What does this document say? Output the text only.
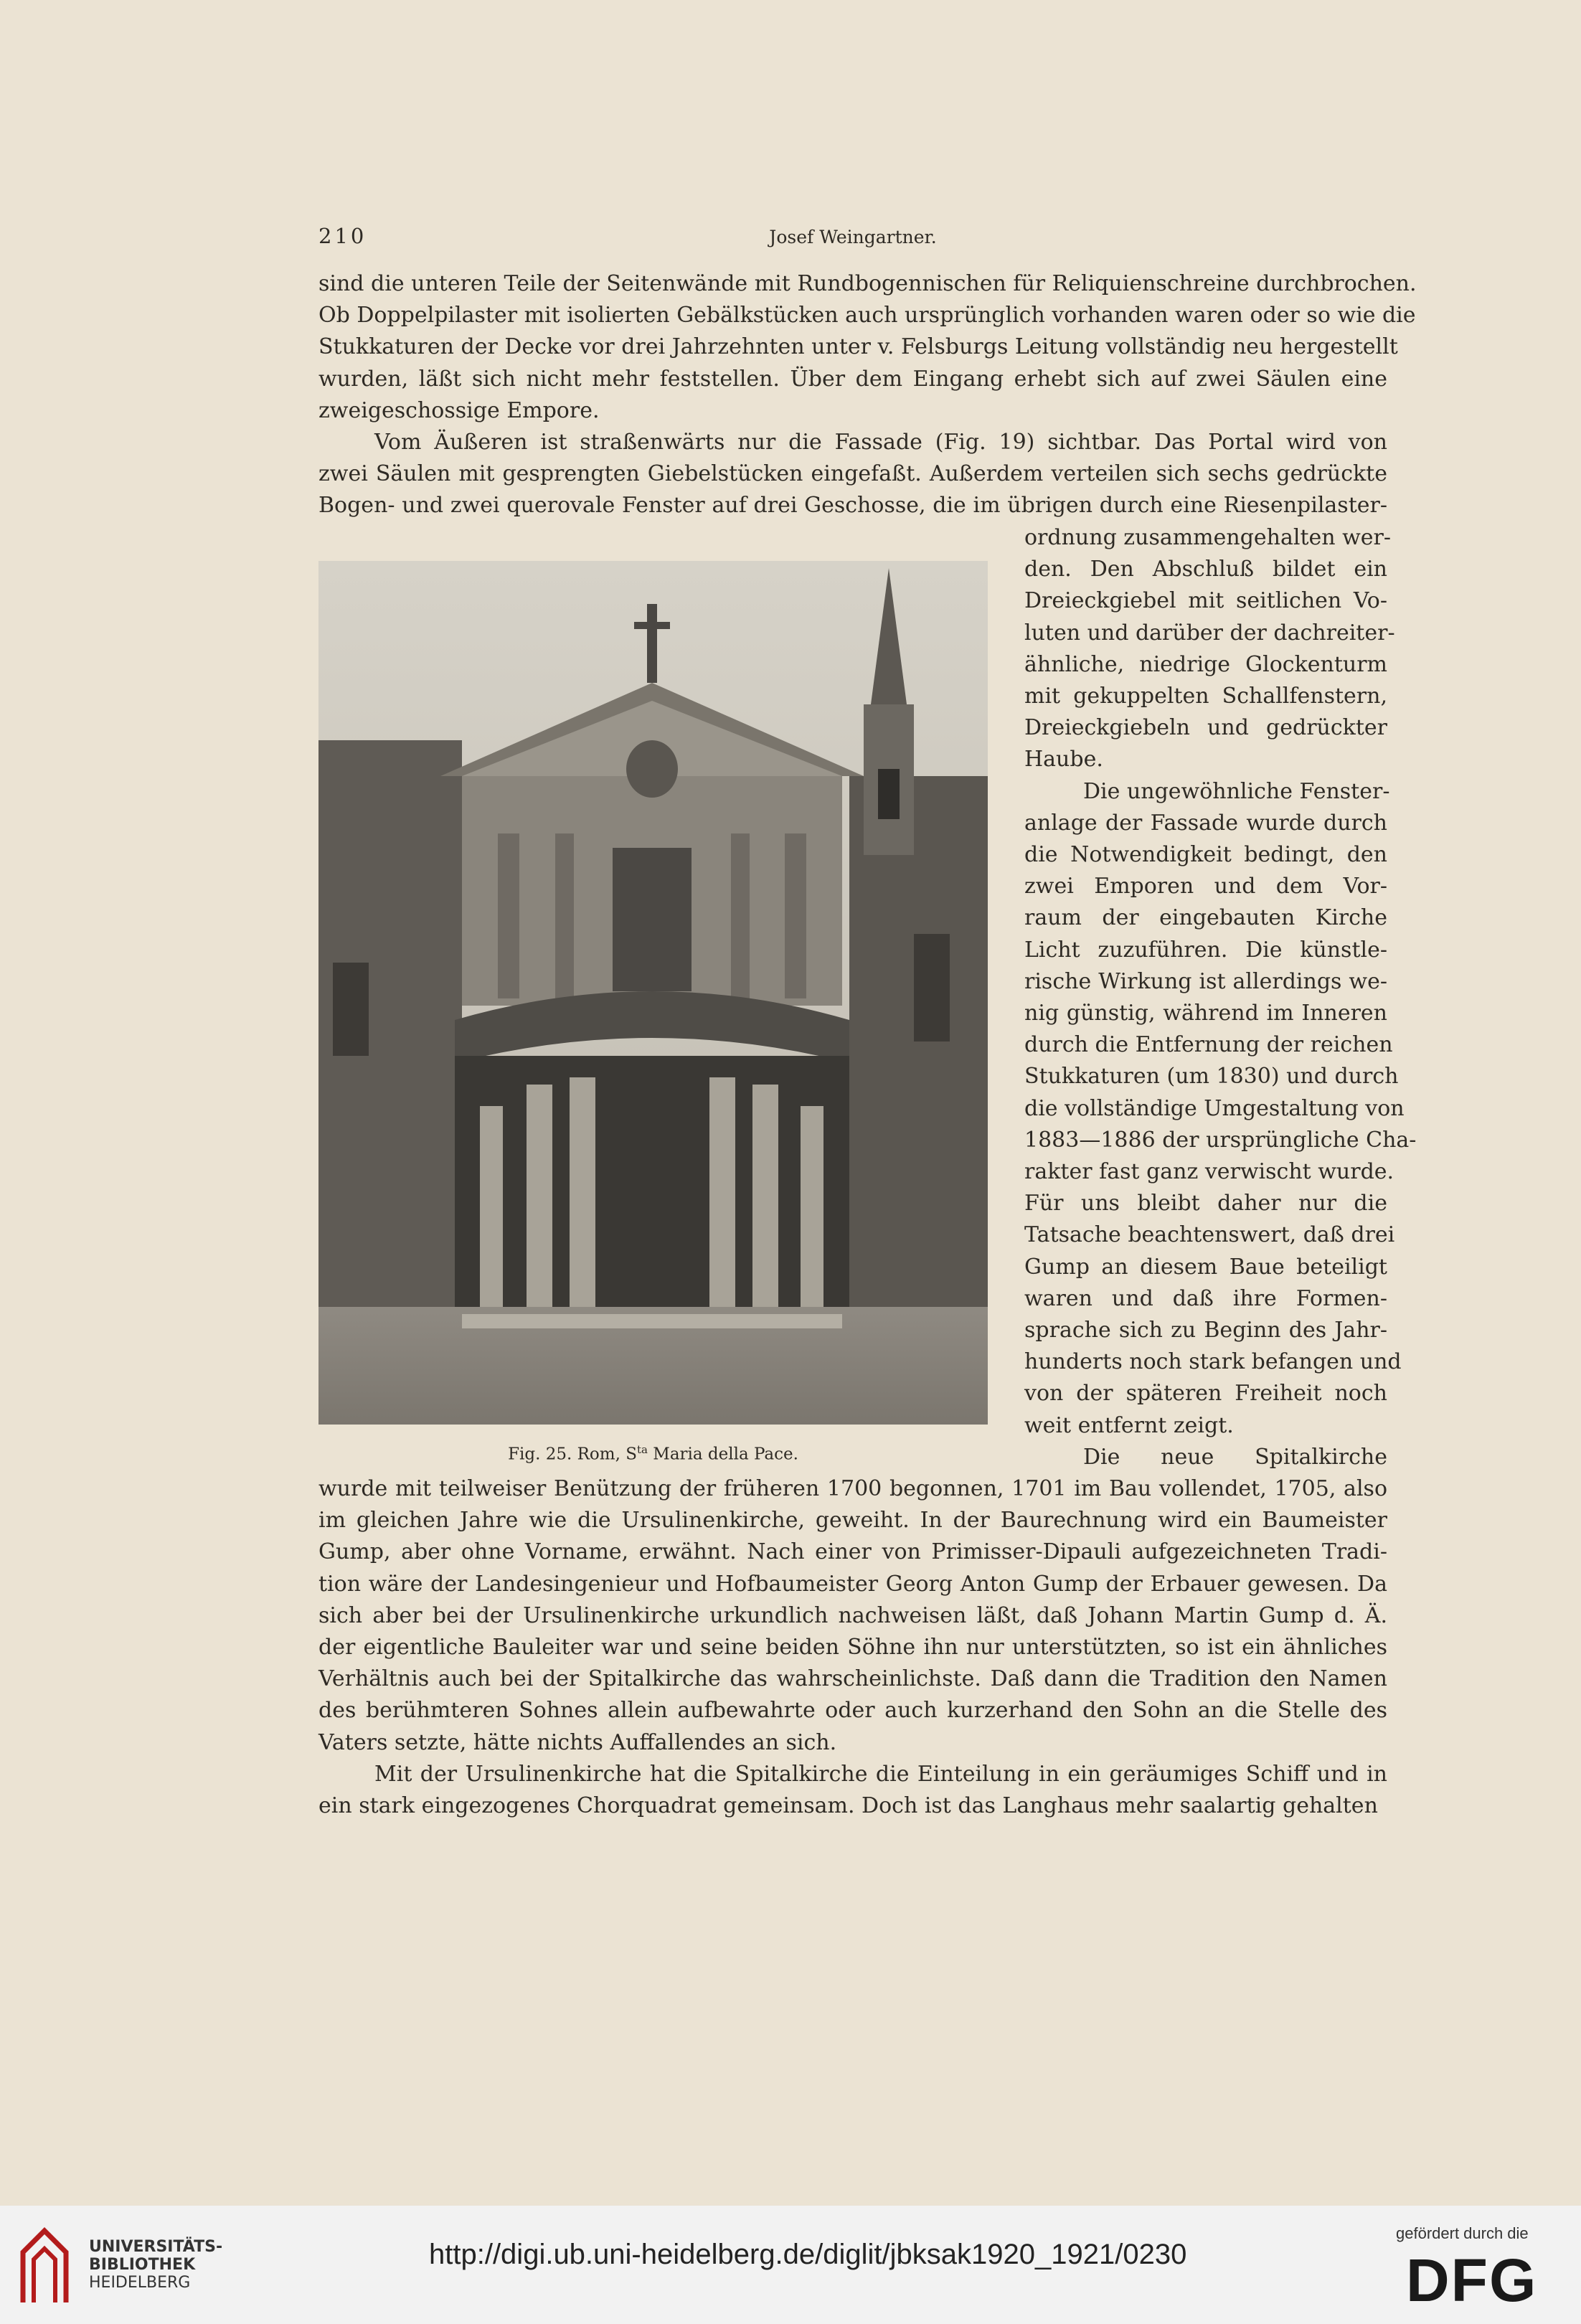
210	Josef Weingartner.
sind die unteren Teile der Seitenwände mit Rundbogennischen für Reliquienschreine durchbrochen.
Ob Doppelpilaster mit isolierten Gebälkstücken auch ursprünglich vorhanden waren oder so wie die
Stukkaturen der Decke vor drei Jahrzehnten unter v. Felsburgs Leitung vollständig neu hergestellt
wurden, läßt sich nicht mehr feststellen. Über dem Eingang erhebt sich auf zwei Säulen eine
zweigeschossige Empore.
Vom Äußeren ist straßenwärts nur die Fassade (Fig. 19) sichtbar. Das Portal wird von
zwei Säulen mit gesprengten Giebelstücken eingefaßt. Außerdem verteilen sich sechs gedrückte
Bogen- und zwei querovale Fenster auf drei Geschosse, die im übrigen durch eine Riesenpilaster-
ordnung zusammengehalten wer-
den. Den Abschluß bildet ein
Dreieckgiebel mit seitlichen Vo-
luten und darüber der dachreiter-
ähnliche, niedrige Glockenturm
mit gekuppelten Schallfenstern,
Dreieckgiebeln und gedrückter
Haube.
Die ungewöhnliche Fenster-
anlage der Fassade wurde durch
die Notwendigkeit bedingt, den
zwei Emporen und dem Vor-
raum der eingebauten Kirche
Licht zuzuführen. Die künstle-
rische Wirkung ist allerdings we-
nig günstig, während im Inneren
durch die Entfernung der reichen
Stukkaturen (um 1830) und durch
die vollständige Umgestaltung von
1883—1886 der ursprüngliche Cha-
rakter fast ganz verwischt wurde.
Für uns bleibt daher nur die
Tatsache beachtenswert, daß drei
Gump an diesem Baue beteiligt
waren und daß ihre Formen-
sprache sich zu Beginn des Jahr-
hunderts noch stark befangen und
von der späteren Freiheit noch
weit entfernt zeigt.
Die neue Spitalkirche
wurde mit teilweiser Benützung der früheren 1700 begonnen, 1701 im Bau vollendet, 1705, also
im gleichen Jahre wie die Ursulinenkirche, geweiht. In der Baurechnung wird ein Baumeister
Gump, aber ohne Vorname, erwähnt. Nach einer von Primisser-Dipauli aufgezeichneten Tradi-
tion wäre der Landesingenieur und Hofbaumeister Georg Anton Gump der Erbauer gewesen. Da
sich aber bei der Ursulinenkirche urkundlich nachweisen läßt, daß Johann Martin Gump d. Ä.
der eigentliche Bauleiter war und seine beiden Söhne ihn nur unterstützten, so ist ein ähnliches
Verhältnis auch bei der Spitalkirche das wahrscheinlichste. Daß dann die Tradition den Namen
des berühmteren Sohnes allein aufbewahrte oder auch kurzerhand den Sohn an die Stelle des
Vaters setzte, hätte nichts Auffallendes an sich.
Mit der Ursulinenkirche hat die Spitalkirche die Einteilung in ein geräumiges Schiff und in
ein stark eingezogenes Chorquadrat gemeinsam. Doch ist das Langhaus mehr saalartig gehalten
Fig. 25. Rom, $S^{ta}$ Maria della Pace.
UNIVERSITÄTS-
BIBLIOTHEK
HEIDELBERG
http://digi.ub.uni-heidelberg.de/diglit/jbksak1920_1921/0230
gefördert durch die
DFG
